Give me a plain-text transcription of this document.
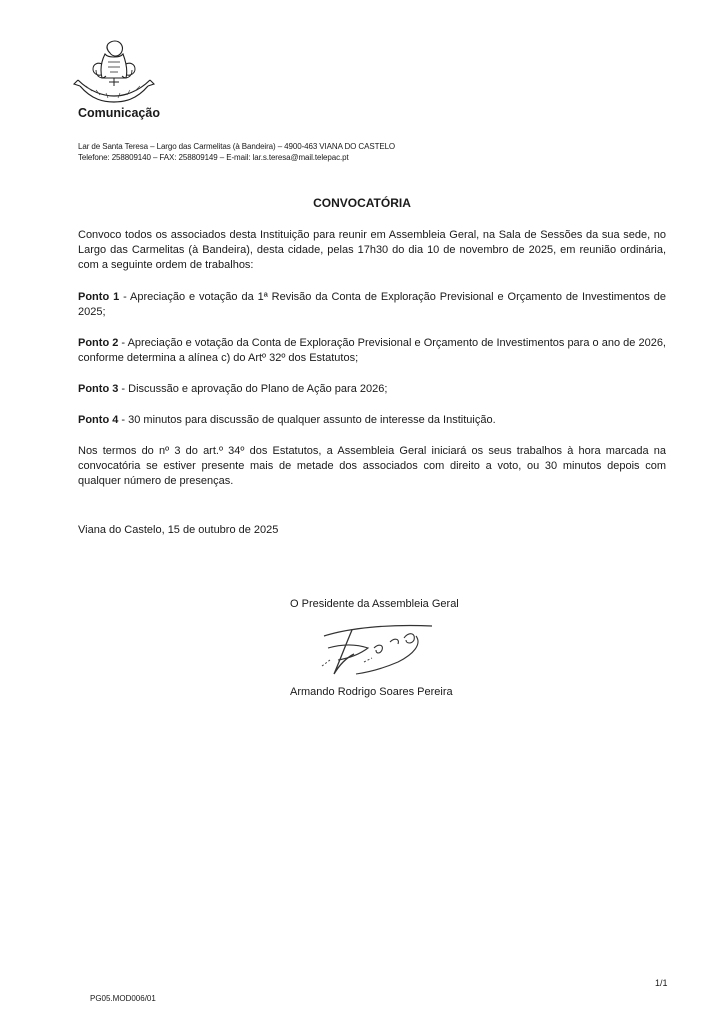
Comunicação
Lar de Santa Teresa – Largo das Carmelitas (à Bandeira) – 4900-463 VIANA DO CASTELO
Telefone: 258809140 – FAX: 258809149 – E-mail: lar.s.teresa@mail.telepac.pt
CONVOCATÓRIA

Convoco todos os associados desta Instituição para reunir em Assembleia Geral, na Sala de Sessões da sua sede, no Largo das Carmelitas (à Bandeira), desta cidade, pelas 17h30 do dia 10 de novembro de 2025, em reunião ordinária, com a seguinte ordem de trabalhos:

Ponto 1 - Apreciação e votação da 1ª Revisão da Conta de Exploração Previsional e Orçamento de Investimentos de 2025;

Ponto 2 - Apreciação e votação da Conta de Exploração Previsional e Orçamento de Investimentos para o ano de 2026, conforme determina a alínea c) do Artº 32º dos Estatutos;

Ponto 3 - Discussão e aprovação do Plano de Ação para 2026;

Ponto 4 - 30 minutos para discussão de qualquer assunto de interesse da Instituição.

Nos termos do nº 3 do art.º 34º dos Estatutos, a Assembleia Geral iniciará os seus trabalhos à hora marcada na convocatória se estiver presente mais de metade dos associados com direito a voto, ou 30 minutos depois com qualquer número de presenças.

Viana do Castelo, 15 de outubro de 2025
O Presidente da Assembleia Geral
Armando Rodrigo Soares Pereira
1/1
PG05.MOD006/01
